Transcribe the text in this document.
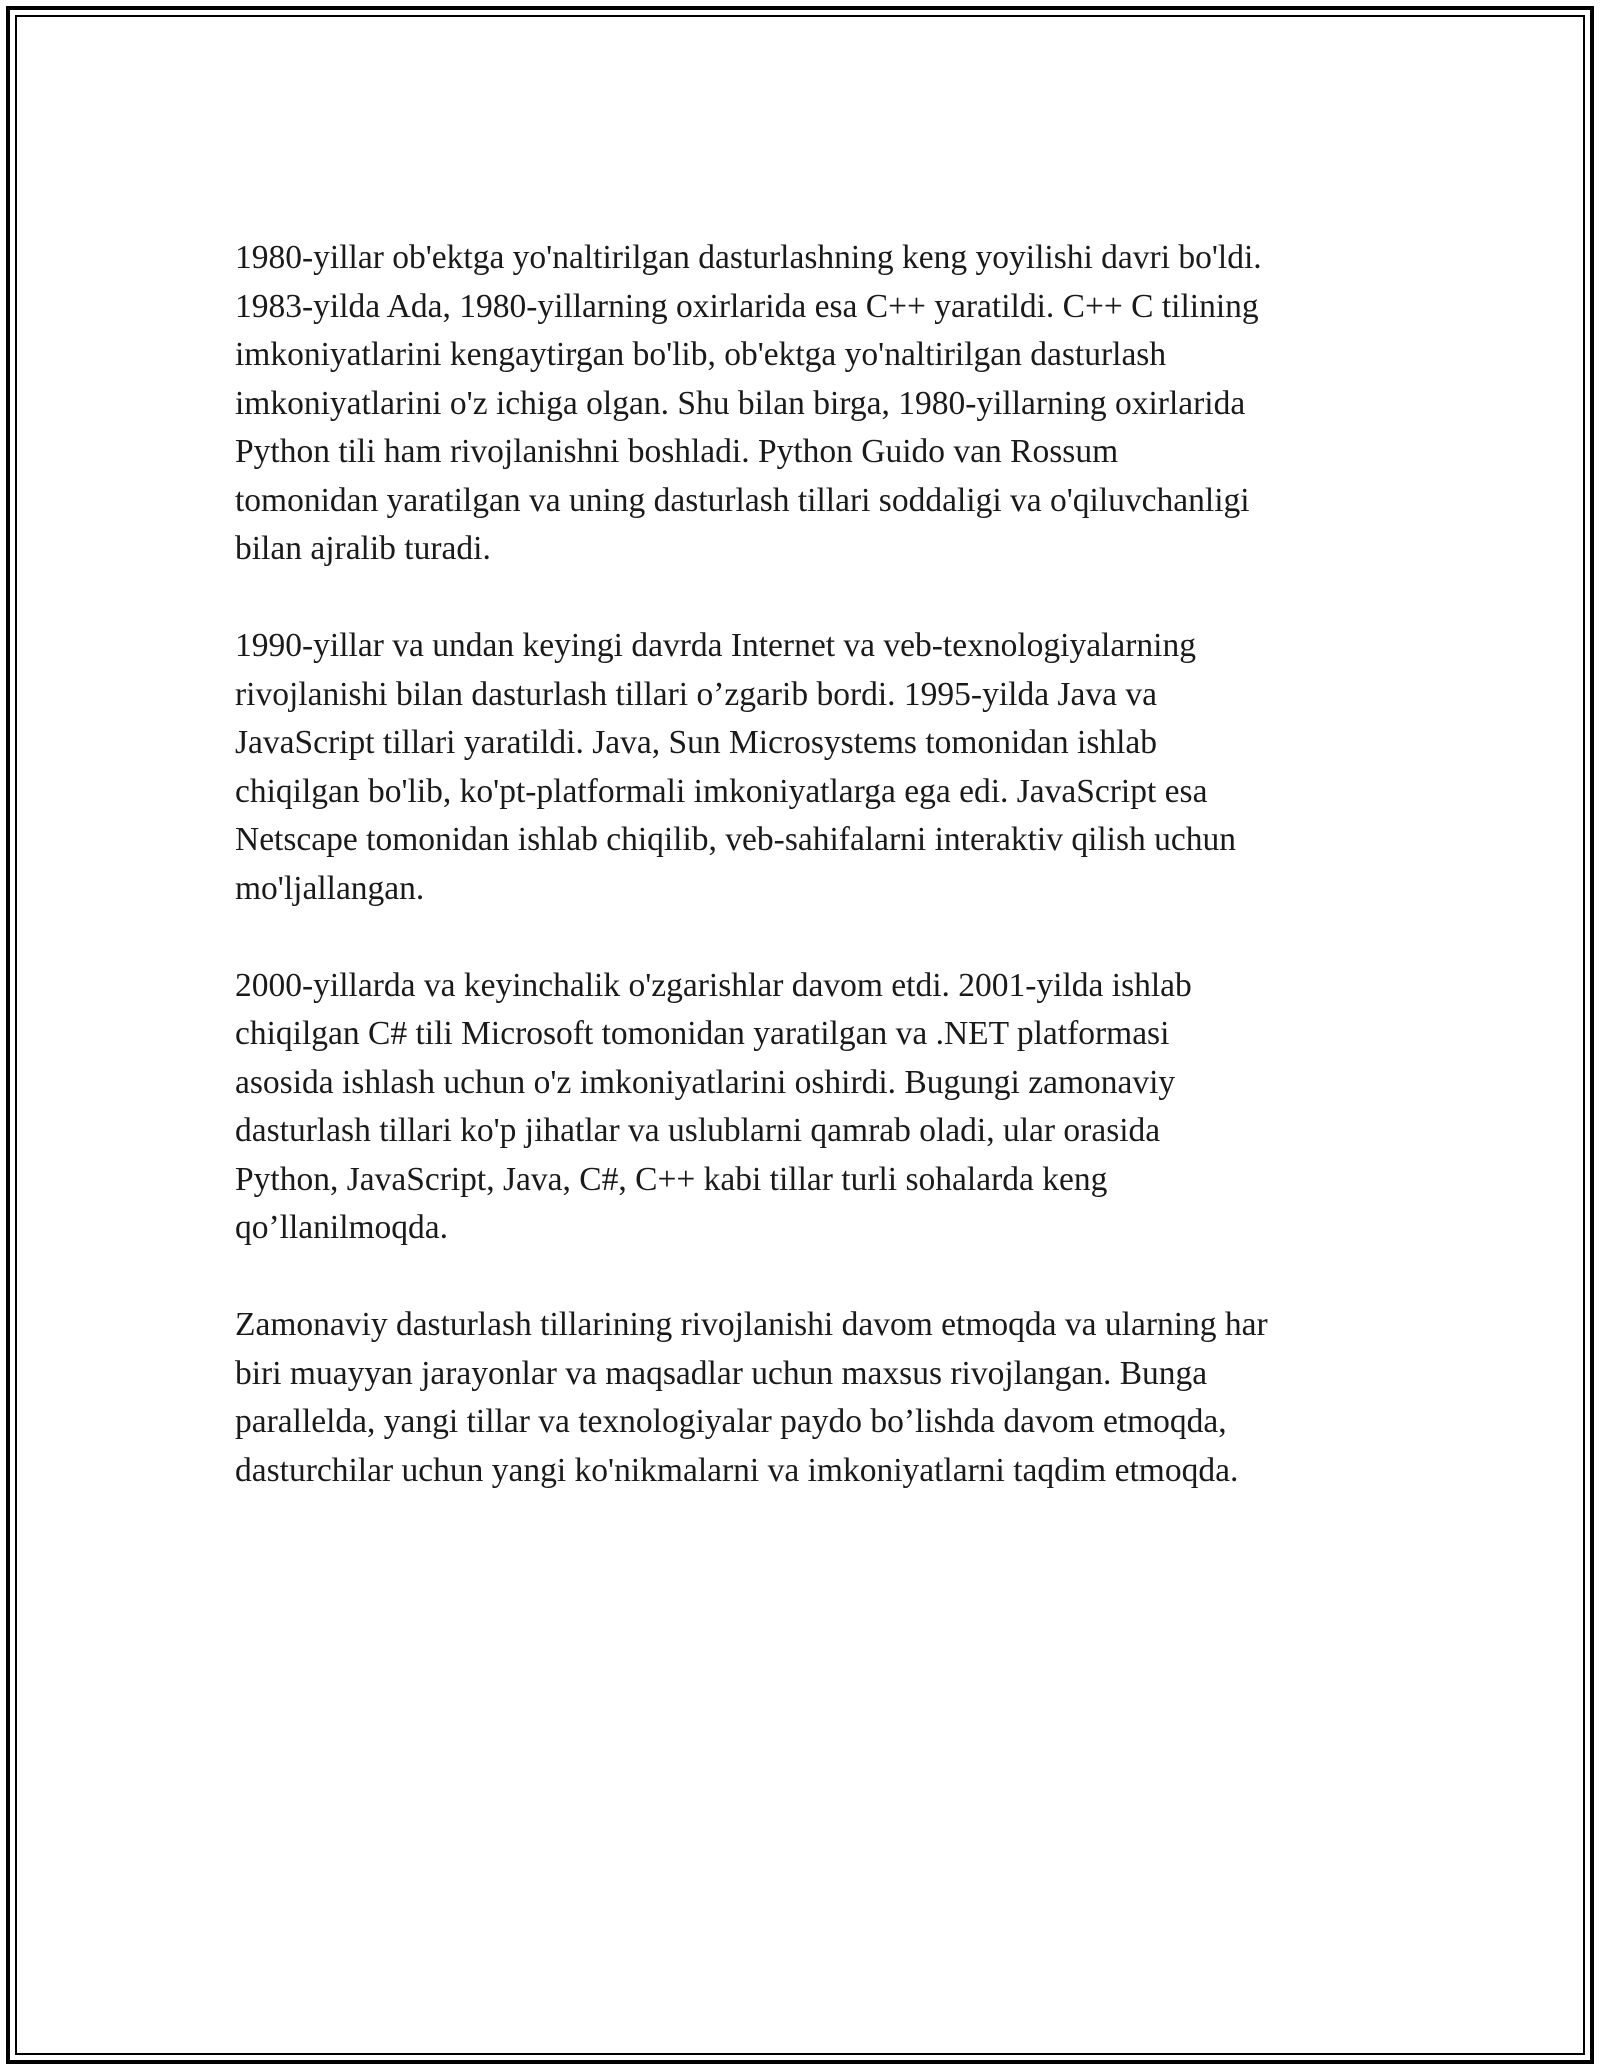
1980-yillar ob'ektga yo'naltirilgan dasturlashning keng yoyilishi davri bo'ldi.
1983-yilda Ada, 1980-yillarning oxirlarida esa C++ yaratildi. C++ C tilining
imkoniyatlarini kengaytirgan bo'lib, ob'ektga yo'naltirilgan dasturlash
imkoniyatlarini o'z ichiga olgan. Shu bilan birga, 1980-yillarning oxirlarida
Python tili ham rivojlanishni boshladi. Python Guido van Rossum
tomonidan yaratilgan va uning dasturlash tillari soddaligi va o'qiluvchanligi
bilan ajralib turadi.

1990-yillar va undan keyingi davrda Internet va veb-texnologiyalarning
rivojlanishi bilan dasturlash tillari o’zgarib bordi. 1995-yilda Java va
JavaScript tillari yaratildi. Java, Sun Microsystems tomonidan ishlab
chiqilgan bo'lib, ko'pt-platformali imkoniyatlarga ega edi. JavaScript esa
Netscape tomonidan ishlab chiqilib, veb-sahifalarni interaktiv qilish uchun
mo'ljallangan.

2000-yillarda va keyinchalik o'zgarishlar davom etdi. 2001-yilda ishlab
chiqilgan C# tili Microsoft tomonidan yaratilgan va .NET platformasi
asosida ishlash uchun o'z imkoniyatlarini oshirdi. Bugungi zamonaviy
dasturlash tillari ko'p jihatlar va uslublarni qamrab oladi, ular orasida
Python, JavaScript, Java, C#, C++ kabi tillar turli sohalarda keng
qo’llanilmoqda.

Zamonaviy dasturlash tillarining rivojlanishi davom etmoqda va ularning har
biri muayyan jarayonlar va maqsadlar uchun maxsus rivojlangan. Bunga
parallelda, yangi tillar va texnologiyalar paydo bo’lishda davom etmoqda,
dasturchilar uchun yangi ko'nikmalarni va imkoniyatlarni taqdim etmoqda.
